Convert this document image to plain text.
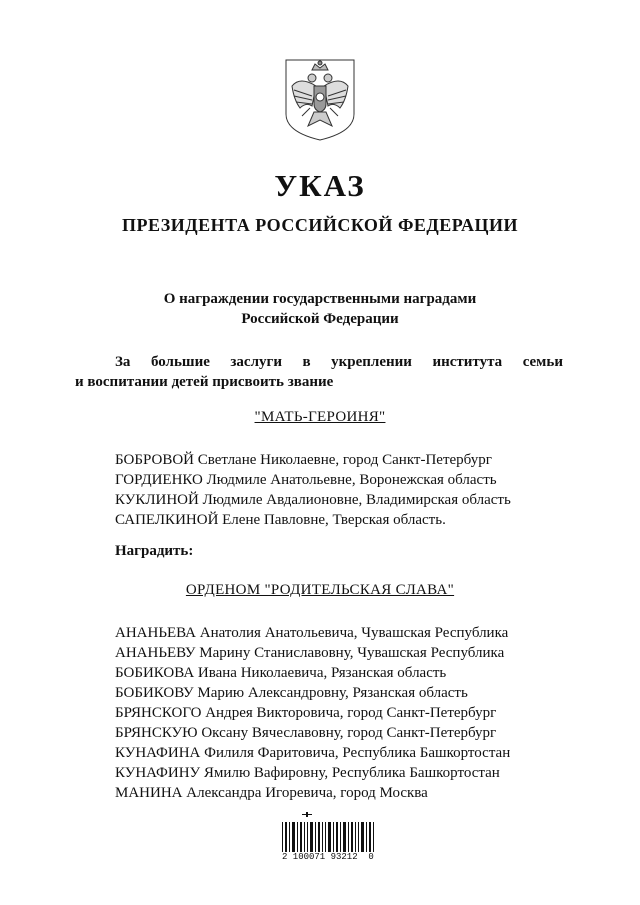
УКАЗ
ПРЕЗИДЕНТА РОССИЙСКОЙ ФЕДЕРАЦИИ
О награждении государственными наградами
Российской Федерации
За большие заслуги в укреплении института семьи
и воспитании детей присвоить звание
"МАТЬ-ГЕРОИНЯ"
БОБРОВОЙ Светлане Николаевне, город Санкт-Петербург
ГОРДИЕНКО Людмиле Анатольевне, Воронежская область
КУКЛИНОЙ Людмиле Авдалионовне, Владимирская область
САПЕЛКИНОЙ Елене Павловне, Тверская область.
Наградить:
ОРДЕНОМ "РОДИТЕЛЬСКАЯ СЛАВА"
АНАНЬЕВА Анатолия Анатольевича, Чувашская Республика
АНАНЬЕВУ Марину Станиславовну, Чувашская Республика
БОБИКОВА Ивана Николаевича, Рязанская область
БОБИКОВУ Марию Александровну, Рязанская область
БРЯНСКОГО Андрея Викторовича, город Санкт-Петербург
БРЯНСКУЮ Оксану Вячеславовну, город Санкт-Петербург
КУНАФИНА Филиля Фаритовича, Республика Башкортостан
КУНАФИНУ Ямилю Вафировну, Республика Башкортостан
МАНИНА Александра Игоревича, город Москва
2 100071 93212  0
